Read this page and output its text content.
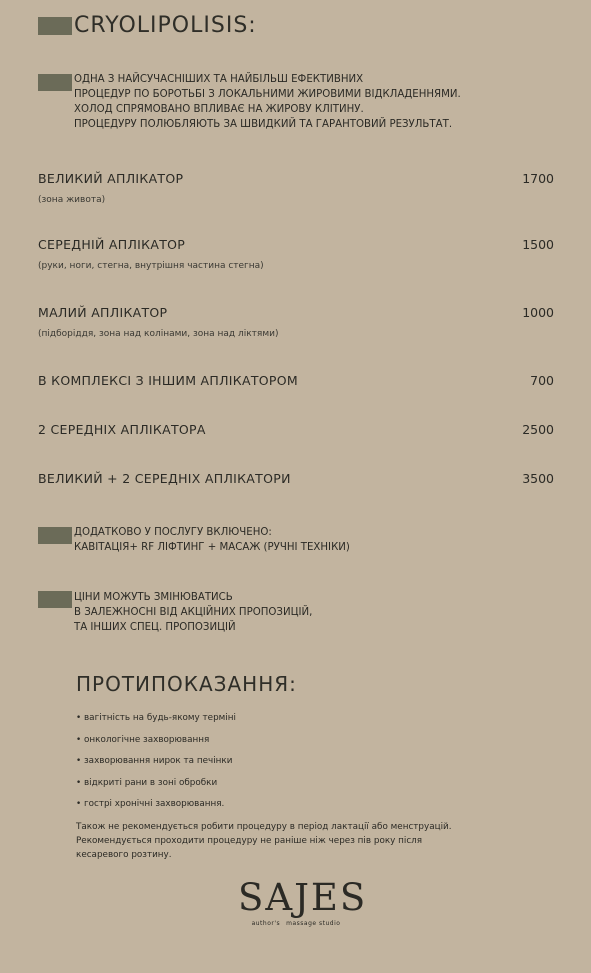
CRYOLIPOLISIS:
ОДНА З НАЙСУЧАСНІШИХ ТА НАЙБІЛЬШ ЕФЕКТИВНИХ
ПРОЦЕДУР ПО БОРОТЬБІ З ЛОКАЛЬНИМИ ЖИРОВИМИ ВІДКЛАДЕННЯМИ.
ХОЛОД СПРЯМОВАНО ВПЛИВАЄ НА ЖИРОВУ КЛІТИНУ.
ПРОЦЕДУРУ ПОЛЮБЛЯЮТЬ ЗА ШВИДКИЙ ТА ГАРАНТОВИЙ РЕЗУЛЬТАТ.
ВЕЛИКИЙ АПЛІКАТОР	1700
(зона живота)
СЕРЕДНІЙ АПЛІКАТОР	1500
(руки, ноги, стегна, внутрішня частина стегна)
МАЛИЙ АПЛІКАТОР	1000
(підборіддя, зона над колінами, зона над ліктями)
В КОМПЛЕКСІ З ІНШИМ АПЛІКАТОРОМ	700
2 СЕРЕДНІХ АПЛІКАТОРА	2500
ВЕЛИКИЙ + 2 СЕРЕДНІХ АПЛІКАТОРИ	3500
ДОДАТКОВО У ПОСЛУГУ ВКЛЮЧЕНО:
КАВІТАЦІЯ+ RF ЛІФТИНГ + МАСАЖ (РУЧНІ ТЕХНІКИ)
ЦІНИ МОЖУТЬ ЗМІНЮВАТИСЬ
В ЗАЛЕЖНОСНІ ВІД АКЦІЙНИХ ПРОПОЗИЦІЙ,
ТА ІНШИХ СПЕЦ. ПРОПОЗИЦІЙ
ПРОТИПОКАЗАННЯ:
• вагітність на будь-якому терміні
• онкологічне захворювання
• захворювання нирок та печінки
• відкриті рани в зоні обробки
• гострі хронічні захворювання.
Також не рекомендується робити процедуру в період лактації або менструацій.
Рекомендується проходити процедуру не раніше ніж через пів року після
кесаревого розтину.
SAJES
author's massage studio
